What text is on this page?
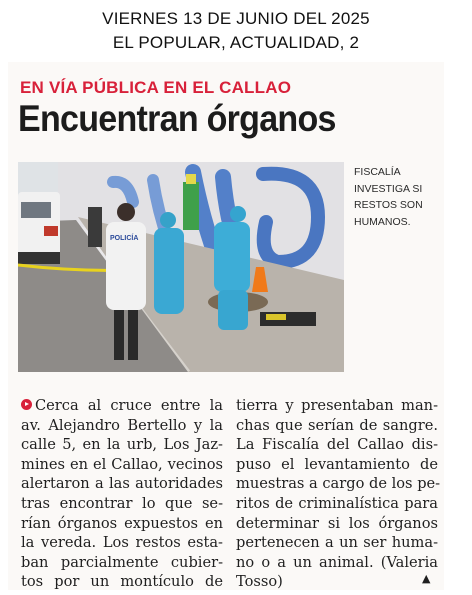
VIERNES 13 DE JUNIO DEL 2025
EL POPULAR, ACTUALIDAD, 2
EN VÍA PÚBLICA EN EL CALLAO
Encuentran órganos
POLICÍA
FISCALÍA
INVESTIGA SI
RESTOS SON
HUMANOS.
Cerca al cruce entre la
av. Alejandro Bertello y la
calle 5, en la urb, Los Jaz-
mines en el Callao, vecinos
alertaron a las autoridades
tras encontrar lo que se-
rían órganos expuestos en
la vereda. Los restos esta-
ban parcialmente cubier-
tos por un montículo de
tierra y presentaban man-
chas que serían de sangre.
La Fiscalía del Callao dis-
puso el levantamiento de
muestras a cargo de los pe-
ritos de criminalística para
determinar si los órganos
pertenecen a un ser huma-
no o a un animal. (Valeria
Tosso)	▲
